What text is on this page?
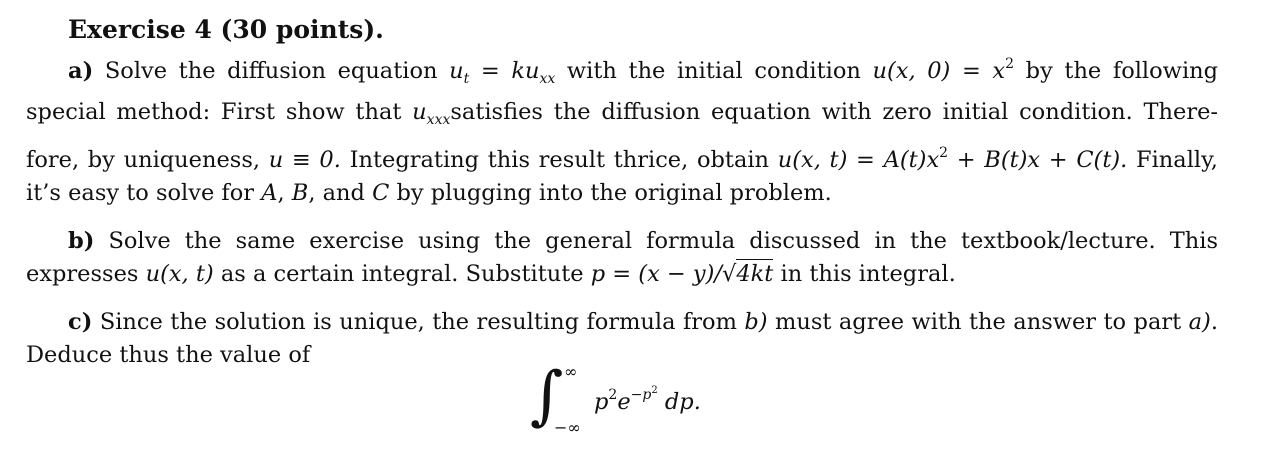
Exercise 4 (30 points).

a) Solve the diffusion equation $u_t = ku_{xx}$ with the initial condition u(x, $0) = x^2$ by the following special method: First show that $u_{xxx}satisfies$ the diffusion equation with zero initial condition. There- fore, by uniqueness, u ≡ 0. Integrating this result thrice, obtain u(x, $t) = A(t)x^2 + B(t)x + C(t)$. Finally, it’s easy to solve for A, B, and C by plugging into the original problem.

b) Solve the same exercise using the general formula discussed in the textbook/lecture. This expresses u(x, t) as a certain integral. Substitute p = (x − y)/√4kt in this integral.

c) Since the solution is unique, the resulting formula from b) must agree with the answer to part a). Deduce thus the value of

∫ ∞
−∞
$p^2e^{-p^2}$ dp.
